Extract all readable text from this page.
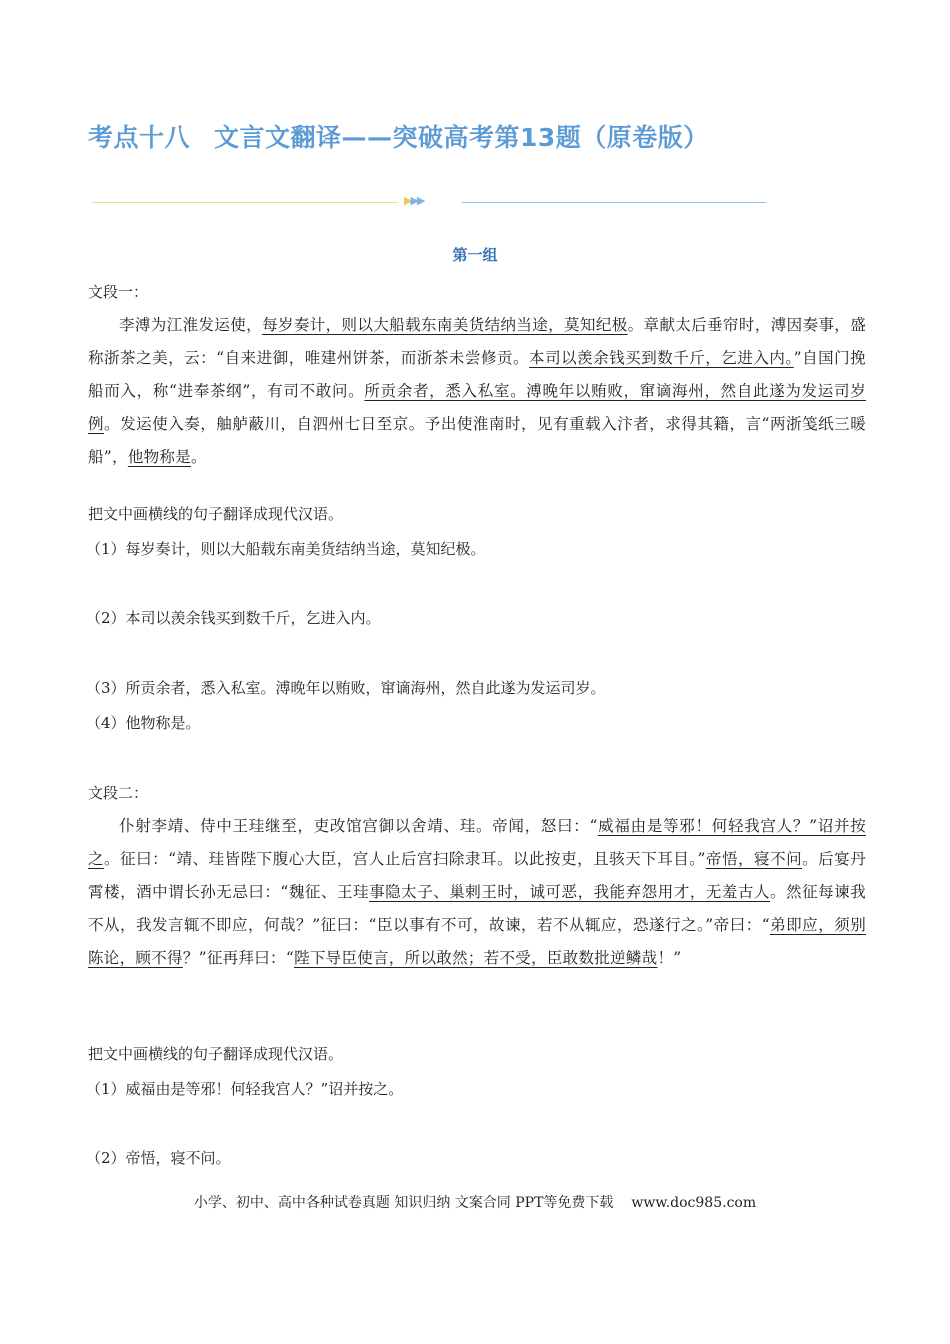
考点十八 文言文翻译——突破高考第13题（原卷版）
▶▶▶
第一组
文段一：
李溥为江淮发运使，每岁奏计，则以大船载东南美货结纳当途，莫知纪极。章献太后垂帘时，溥因奏事，盛称浙茶之美，云：“自来进御，唯建州饼茶，而浙茶未尝修贡。本司以羡余钱买到数千斤，乞进入内。”自国门挽船而入，称“进奉茶纲”，有司不敢问。所贡余者，悉入私室。溥晚年以贿败，窜谪海州，然自此遂为发运司岁例。发运使入奏，舳舻蔽川，自泗州七日至京。予出使淮南时，见有重载入汴者，求得其籍，言“两浙笺纸三暖船”，他物称是。
把文中画横线的句子翻译成现代汉语。
（1）每岁奏计，则以大船载东南美货结纳当途，莫知纪极。
（2）本司以羡余钱买到数千斤，乞进入内。
（3）所贡余者，悉入私室。溥晚年以贿败，窜谪海州，然自此遂为发运司岁。
（4）他物称是。
文段二：
仆射李靖、侍中王珪继至，吏改馆宫御以舍靖、珪。帝闻，怒曰：“威福由是等邪！何轻我宫人？”诏并按之。征曰：“靖、珪皆陛下腹心大臣，宫人止后宫扫除隶耳。以此按吏，且骇天下耳目。”帝悟，寝不问。后宴丹霄楼，酒中谓长孙无忌曰：“魏征、王珪事隐太子、巢剌王时，诚可恶，我能弃怨用才，无羞古人。然征每谏我不从，我发言辄不即应，何哉？”征曰：“臣以事有不可，故谏，若不从辄应，恐遂行之。”帝曰：“弟即应，须别陈论，顾不得？”征再拜曰：“陛下导臣使言，所以敢然；若不受，臣敢数批逆鳞哉！”
把文中画横线的句子翻译成现代汉语。
（1）威福由是等邪！何轻我宫人？”诏并按之。
（2）帝悟，寝不问。
小学、初中、高中各种试卷真题 知识归纳 文案合同 PPT等免费下载 www.doc985.com
